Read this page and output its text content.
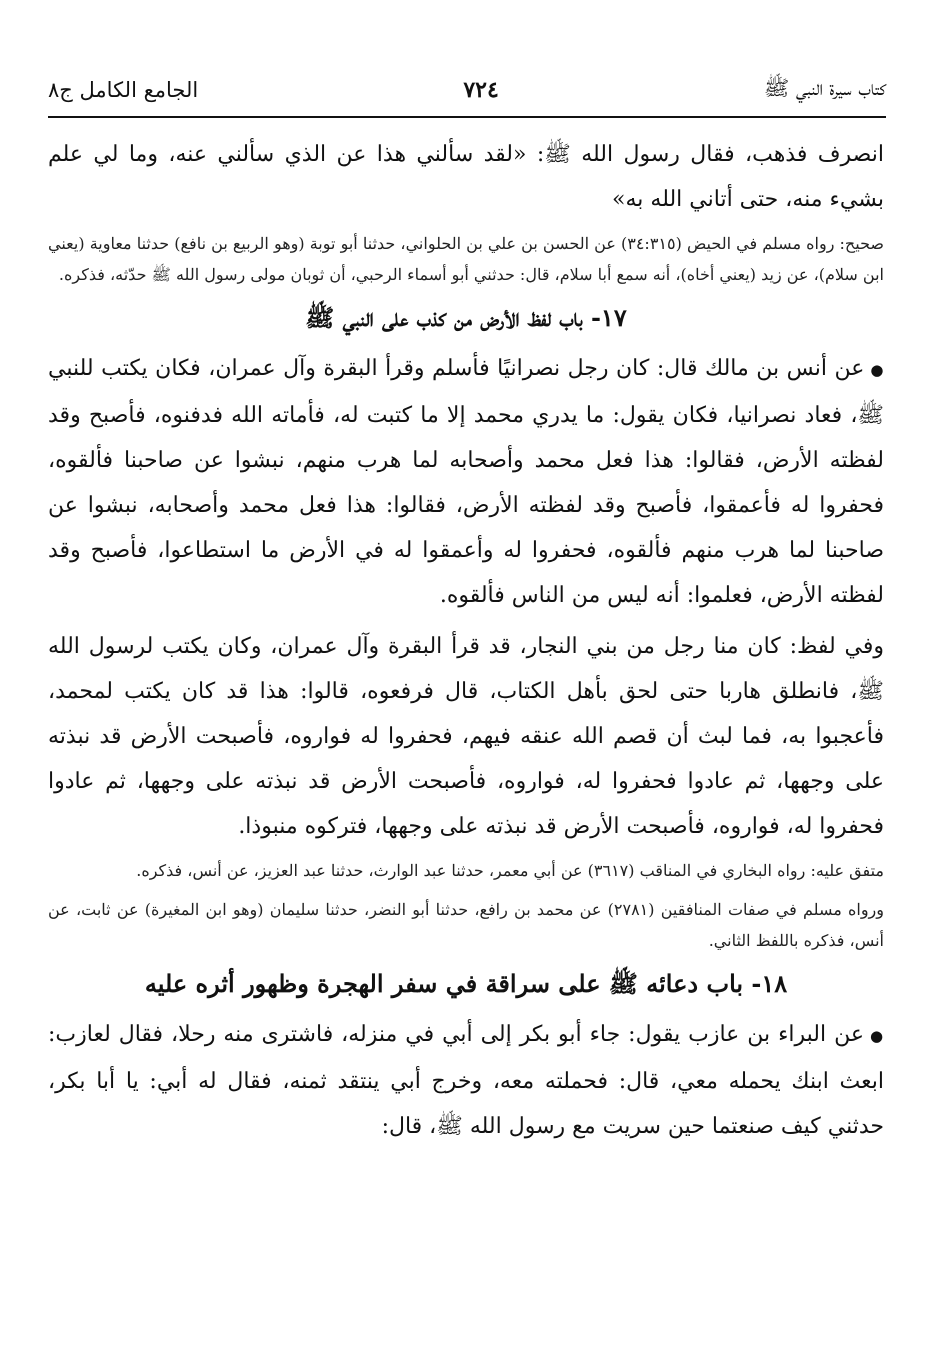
كتاب سيرة النبي ﷺ
٧٢٤
الجامع الكامل ج٨

انصرف فذهب، فقال رسول الله ﷺ: «لقد سألني هذا عن الذي سألني عنه، وما لي علم بشيء منه، حتى أتاني الله به»

صحيح: رواه مسلم في الحيض (٣٤:٣١٥) عن الحسن بن علي بن الحلواني، حدثنا أبو توبة (وهو الربيع بن نافع) حدثنا معاوية (يعني ابن سلام)، عن زيد (يعني أخاه)، أنه سمع أبا سلام، قال: حدثني أبو أسماء الرحبي، أن ثوبان مولى رسول الله ﷺ حدّثه، فذكره.

١٧- باب لفظ الأرض من كذب على النبي ﷺ

●عن أنس بن مالك قال: كان رجل نصرانيًا فأسلم وقرأ البقرة وآل عمران، فكان يكتب للنبي ﷺ، فعاد نصرانيا، فكان يقول: ما يدري محمد إلا ما كتبت له، فأماته الله فدفنوه، فأصبح وقد لفظته الأرض، فقالوا: هذا فعل محمد وأصحابه لما هرب منهم، نبشوا عن صاحبنا فألقوه، فحفروا له فأعمقوا، فأصبح وقد لفظته الأرض، فقالوا: هذا فعل محمد وأصحابه، نبشوا عن صاحبنا لما هرب منهم فألقوه، فحفروا له وأعمقوا له في الأرض ما استطاعوا، فأصبح وقد لفظته الأرض، فعلموا: أنه ليس من الناس فألقوه.

وفي لفظ: كان منا رجل من بني النجار، قد قرأ البقرة وآل عمران، وكان يكتب لرسول الله ﷺ، فانطلق هاربا حتى لحق بأهل الكتاب، قال فرفعوه، قالوا: هذا قد كان يكتب لمحمد، فأعجبوا به، فما لبث أن قصم الله عنقه فيهم، فحفروا له فواروه، فأصبحت الأرض قد نبذته على وجهها، ثم عادوا فحفروا له، فواروه، فأصبحت الأرض قد نبذته على وجهها، ثم عادوا فحفروا له، فواروه، فأصبحت الأرض قد نبذته على وجهها، فتركوه منبوذا.

متفق عليه: رواه البخاري في المناقب (٣٦١٧) عن أبي معمر، حدثنا عبد الوارث، حدثنا عبد العزيز، عن أنس، فذكره.

ورواه مسلم في صفات المنافقين (٢٧٨١) عن محمد بن رافع، حدثنا أبو النضر، حدثنا سليمان (وهو ابن المغيرة) عن ثابت، عن أنس، فذكره باللفظ الثاني.

١٨- باب دعائه ﷺ على سراقة في سفر الهجرة وظهور أثره عليه

●عن البراء بن عازب يقول: جاء أبو بكر إلى أبي في منزله، فاشترى منه رحلا، فقال لعازب: ابعث ابنك يحمله معي، قال: فحملته معه، وخرج أبي ينتقد ثمنه، فقال له أبي: يا أبا بكر، حدثني كيف صنعتما حين سريت مع رسول الله ﷺ، قال:
